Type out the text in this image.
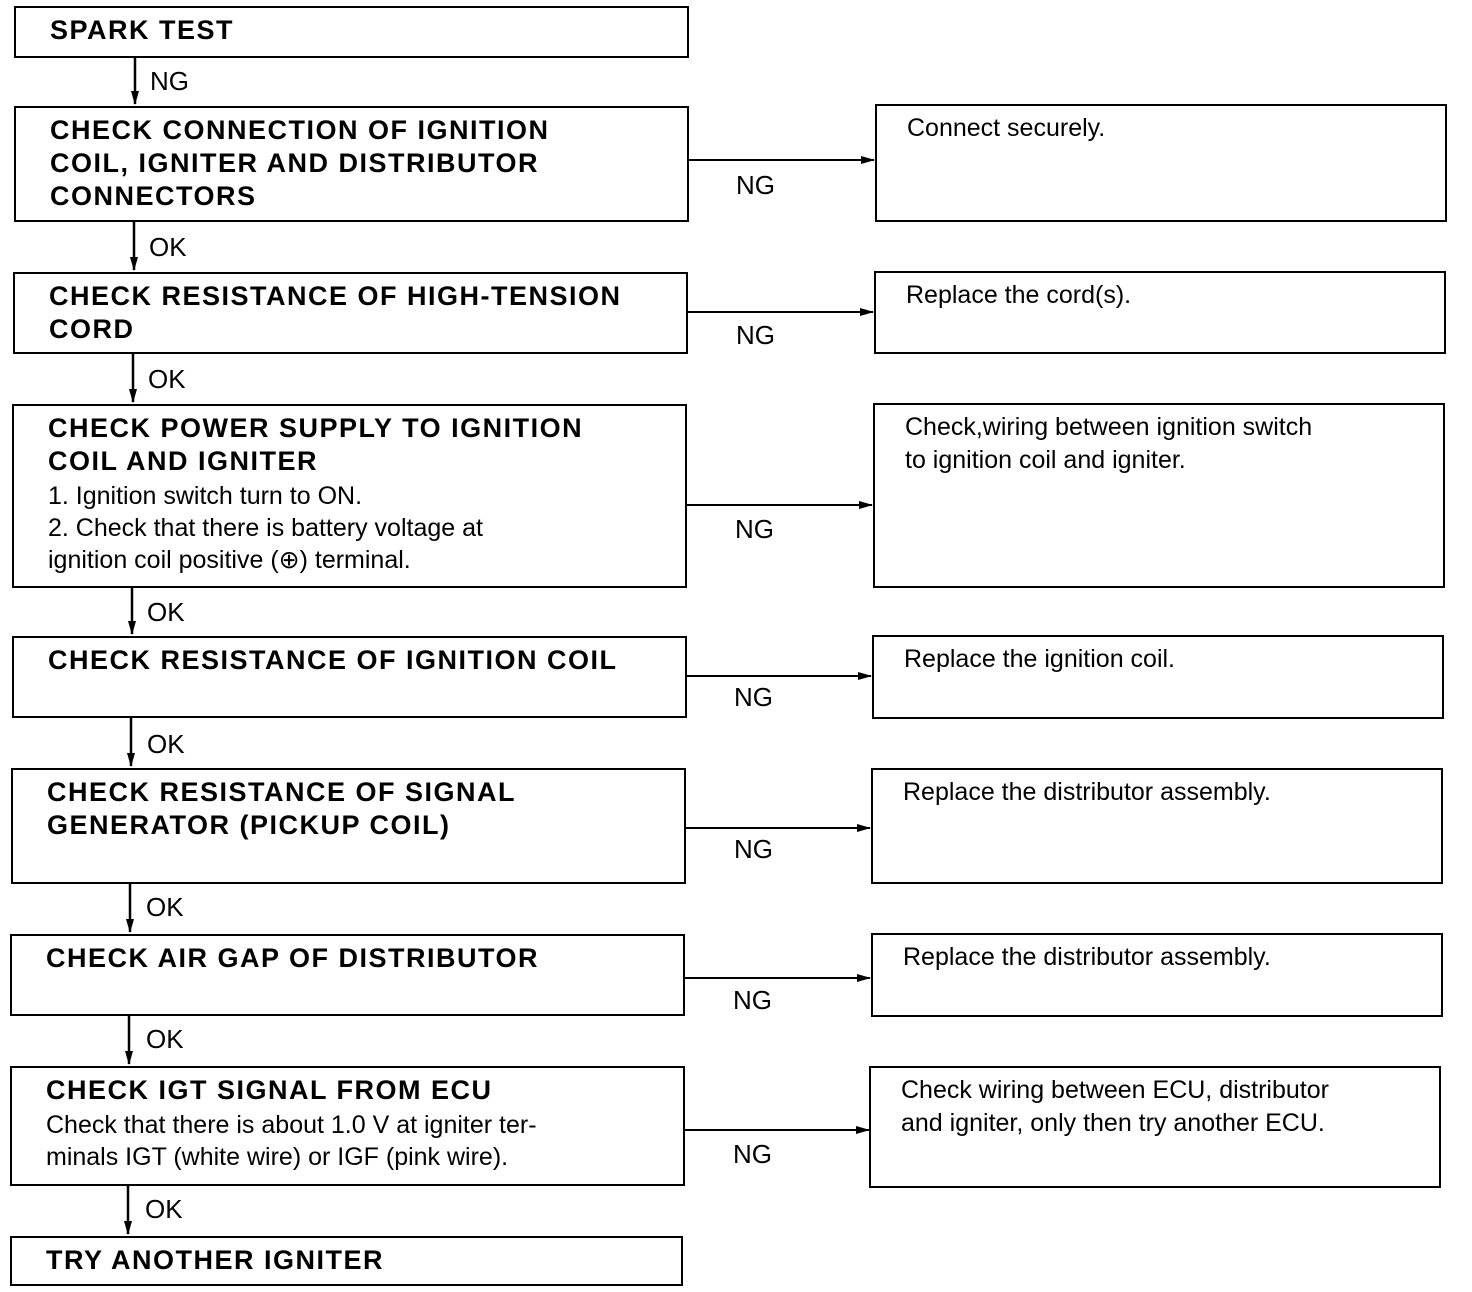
SPARK TEST
NG
CHECK CONNECTION OF IGNITION
COIL, IGNITER AND DISTRIBUTOR
CONNECTORS	NG
Connect securely.
OK
CHECK RESISTANCE OF HIGH-TENSION
CORD	NG
Replace the cord(s).
OK
CHECK POWER SUPPLY TO IGNITION
COIL AND IGNITER
1. Ignition switch turn to ON.
2. Check that there is battery voltage at
ignition coil positive (⊕) terminal.
NG
Check,wiring between ignition switch
to ignition coil and igniter.
OK
CHECK RESISTANCE OF IGNITION COIL
NG
Replace the ignition coil.
OK
CHECK RESISTANCE OF SIGNAL
GENERATOR (PICKUP COIL)
NG
Replace the distributor assembly.
OK
CHECK AIR GAP OF DISTRIBUTOR
NG
Replace the distributor assembly.
OK
CHECK IGT SIGNAL FROM ECU
Check that there is about 1.0 V at igniter ter-
minals IGT (white wire) or IGF (pink wire).	NG
Check wiring between ECU, distributor
and igniter, only then try another ECU.
OK
TRY ANOTHER IGNITER
